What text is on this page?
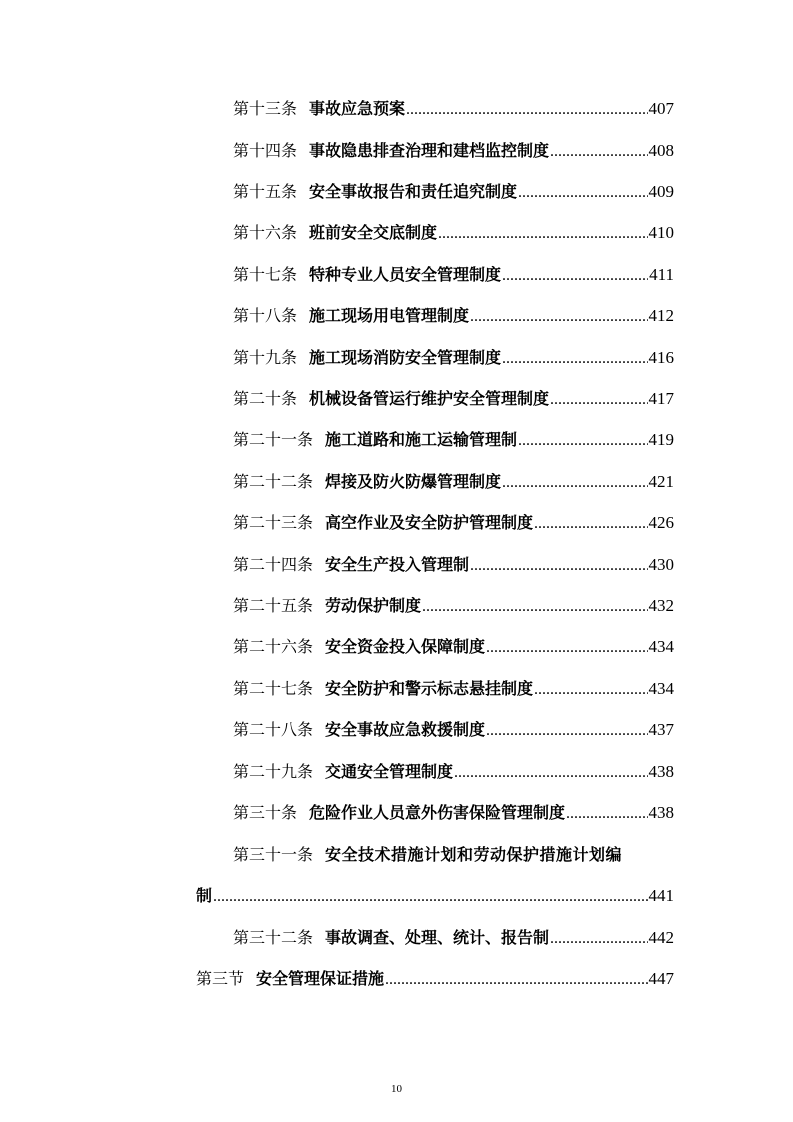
第十三条 事故应急预案 .....	407
第十四条 事故隐患排查治理和建档监控制度 .....	408
第十五条 安全事故报告和责任追究制度 .....	409
第十六条 班前安全交底制度 .....	410
第十七条 特种专业人员安全管理制度 .....	411
第十八条 施工现场用电管理制度 .....	412
第十九条 施工现场消防安全管理制度 .....	416
第二十条 机械设备管运行维护安全管理制度 .....	417
第二十一条 施工道路和施工运输管理制 .....	419
第二十二条 焊接及防火防爆管理制度 .....	421
第二十三条 高空作业及安全防护管理制度 .....	426
第二十四条 安全生产投入管理制 .....	430
第二十五条 劳动保护制度 .....	432
第二十六条 安全资金投入保障制度 .....	434
第二十七条 安全防护和警示标志悬挂制度 .....	434
第二十八条 安全事故应急救援制度 .....	437
第二十九条 交通安全管理制度 .....	438
第三十条 危险作业人员意外伤害保险管理制度 .....	438
第三十一条 安全技术措施计划和劳动保护措施计划编
制 .....	441
第三十二条 事故调查、处理、统计、报告制 .....	442
第三节 安全管理保证措施 .....	447
10
